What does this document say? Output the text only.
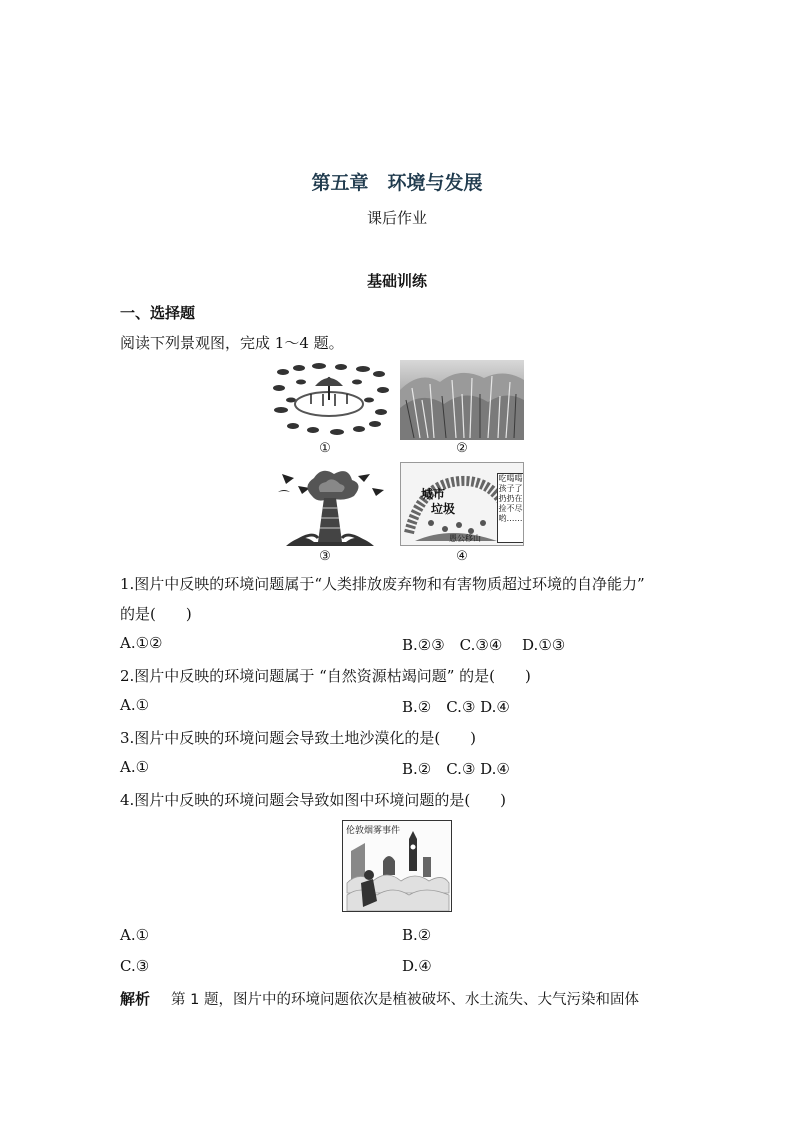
第五章　环境与发展
课后作业
基础训练
一、选择题
阅读下列景观图，完成 1～4 题。
①	②
③
城市
垃圾
吃喝喝
孩子了
扔扔在
捡不尽
哟……
愚公移山
④
1.图片中反映的环境问题属于“人类排放废弃物和有害物质超过环境的自净能力”
的是(　　)
A.①②	B.②③　C.③④　 D.①③
2.图片中反映的环境问题属于 “自然资源枯竭问题” 的是(　　)
A.①	B.②　C.③ D.④
3.图片中反映的环境问题会导致土地沙漠化的是(　　)
A.①	B.②　C.③ D.④
4.图片中反映的环境问题会导致如图中环境问题的是(　　)
伦敦烟雾事件
A.①	B.②
C.③	D.④
解析 第 1 题，图片中的环境问题依次是植被破坏、水土流失、大气污染和固体
